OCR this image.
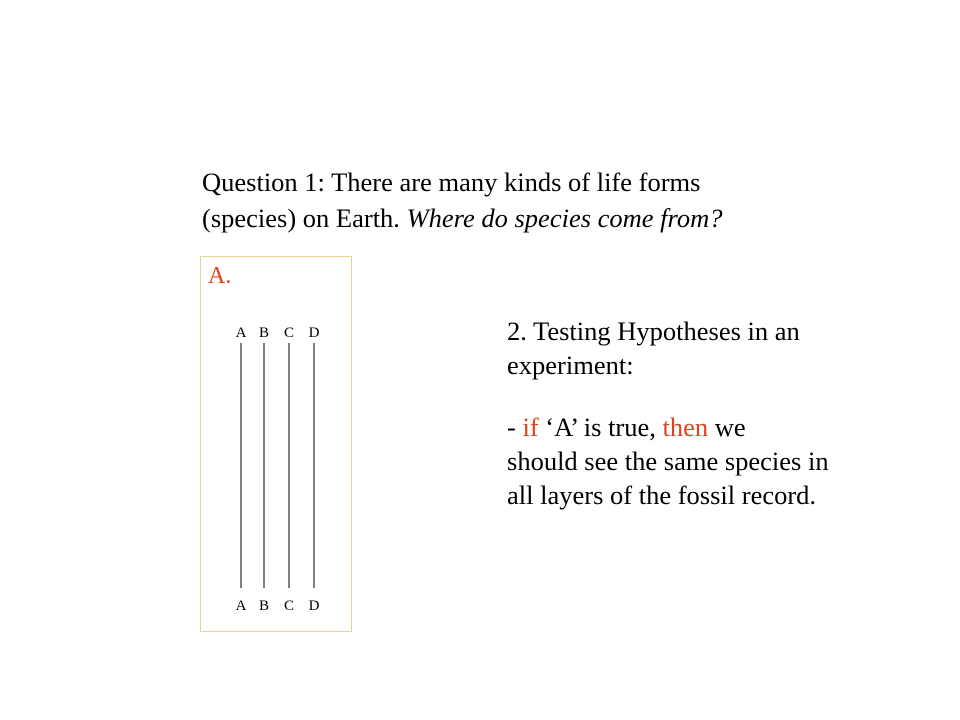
Question 1: There are many kinds of life forms
(species) on Earth. Where do species come from?

A.

A
A
B
B
C
C
D
D

2. Testing Hypotheses in an
experiment:

- if ‘A’ is true, then we
should see the same species in
all layers of the fossil record.
